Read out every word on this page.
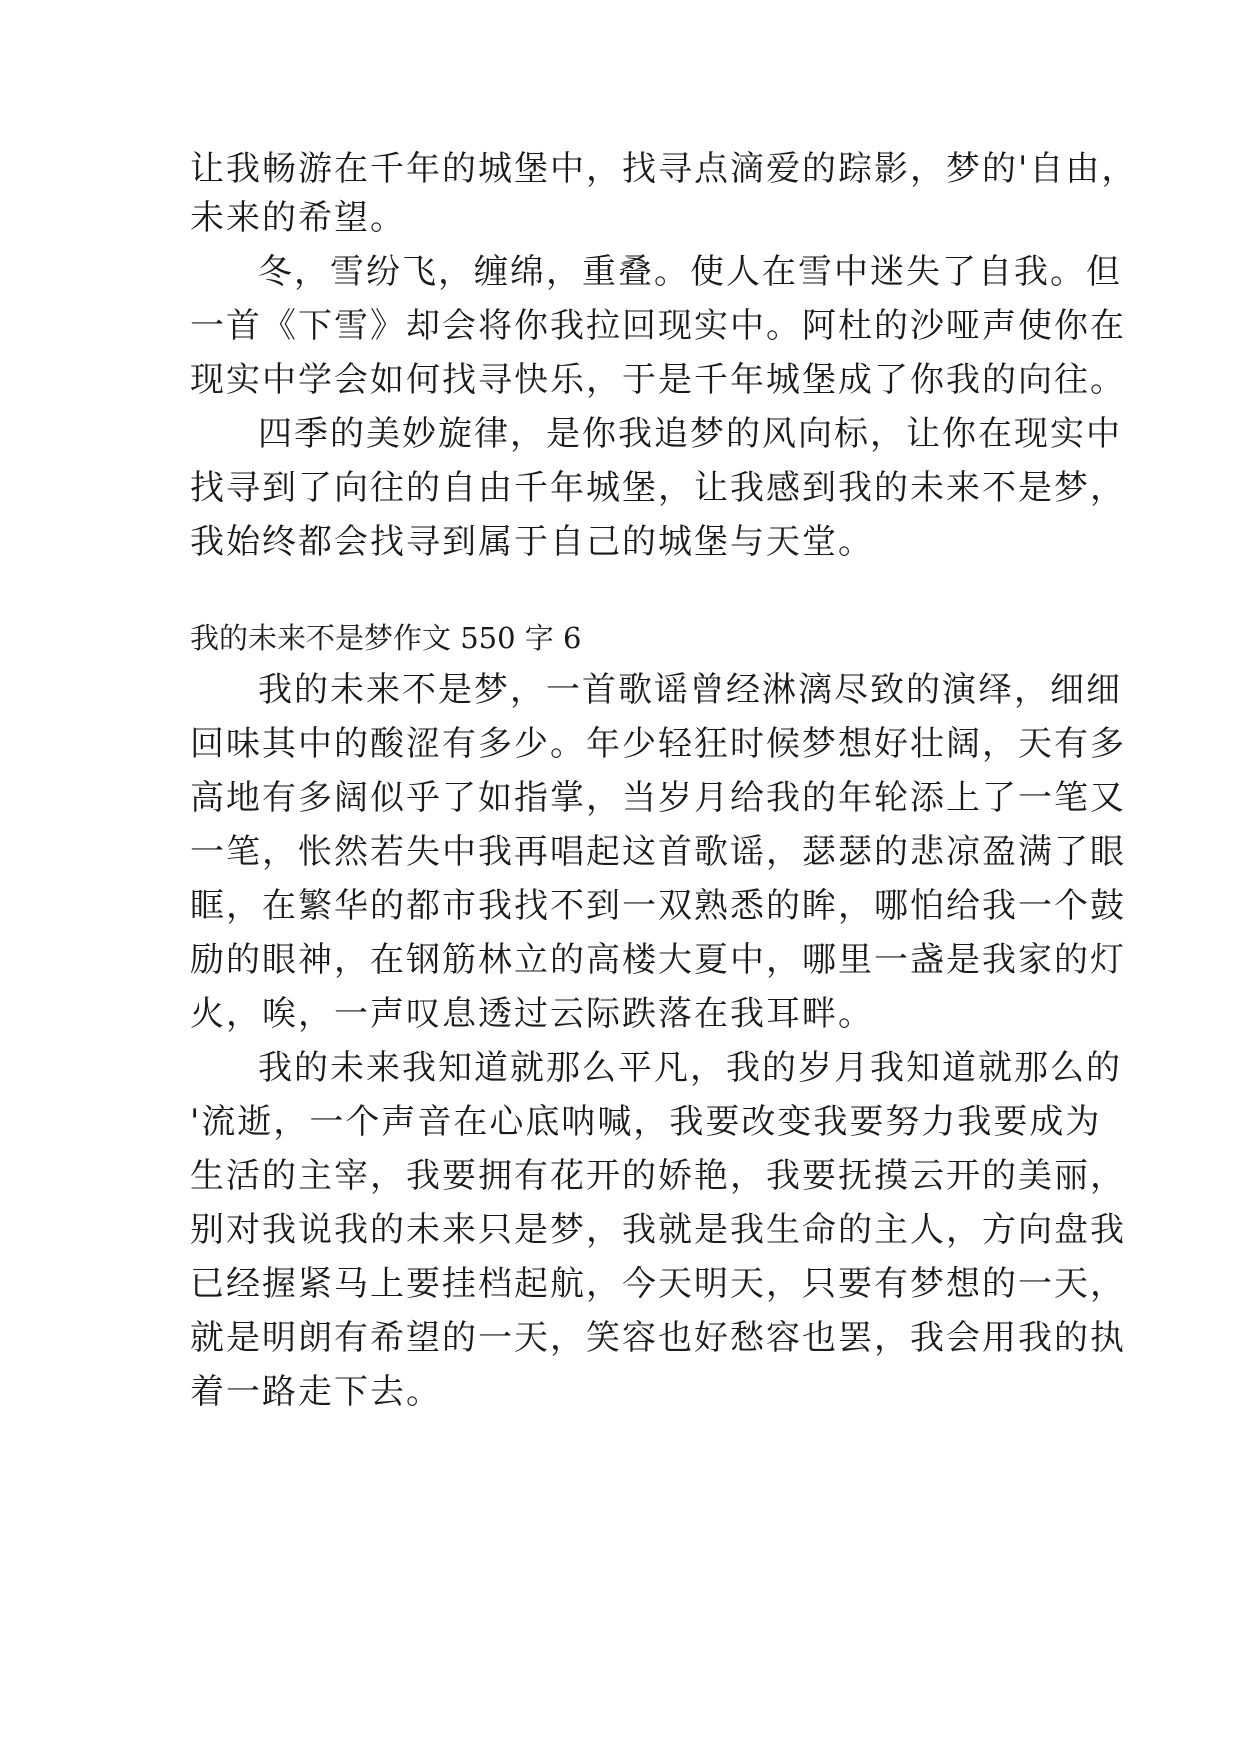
让我畅游在千年的城堡中，找寻点滴爱的踪影，梦的'自由，
未来的希望。
冬，雪纷飞，缠绵，重叠。使人在雪中迷失了自我。但
一首《下雪》却会将你我拉回现实中。阿杜的沙哑声使你在
现实中学会如何找寻快乐，于是千年城堡成了你我的向往。
四季的美妙旋律，是你我追梦的风向标，让你在现实中
找寻到了向往的自由千年城堡，让我感到我的未来不是梦，
我始终都会找寻到属于自己的城堡与天堂。
我的未来不是梦作文 550 字 6
我的未来不是梦，一首歌谣曾经淋漓尽致的演绎，细细
回味其中的酸涩有多少。年少轻狂时候梦想好壮阔，天有多
高地有多阔似乎了如指掌，当岁月给我的年轮添上了一笔又
一笔，怅然若失中我再唱起这首歌谣，瑟瑟的悲凉盈满了眼
眶，在繁华的都市我找不到一双熟悉的眸，哪怕给我一个鼓
励的眼神，在钢筋林立的高楼大夏中，哪里一盏是我家的灯
火，唉，一声叹息透过云际跌落在我耳畔。
我的未来我知道就那么平凡，我的岁月我知道就那么的
'流逝，一个声音在心底呐喊，我要改变我要努力我要成为
生活的主宰，我要拥有花开的娇艳，我要抚摸云开的美丽，
别对我说我的未来只是梦，我就是我生命的主人，方向盘我
已经握紧马上要挂档起航，今天明天，只要有梦想的一天，
就是明朗有希望的一天，笑容也好愁容也罢，我会用我的执
着一路走下去。
